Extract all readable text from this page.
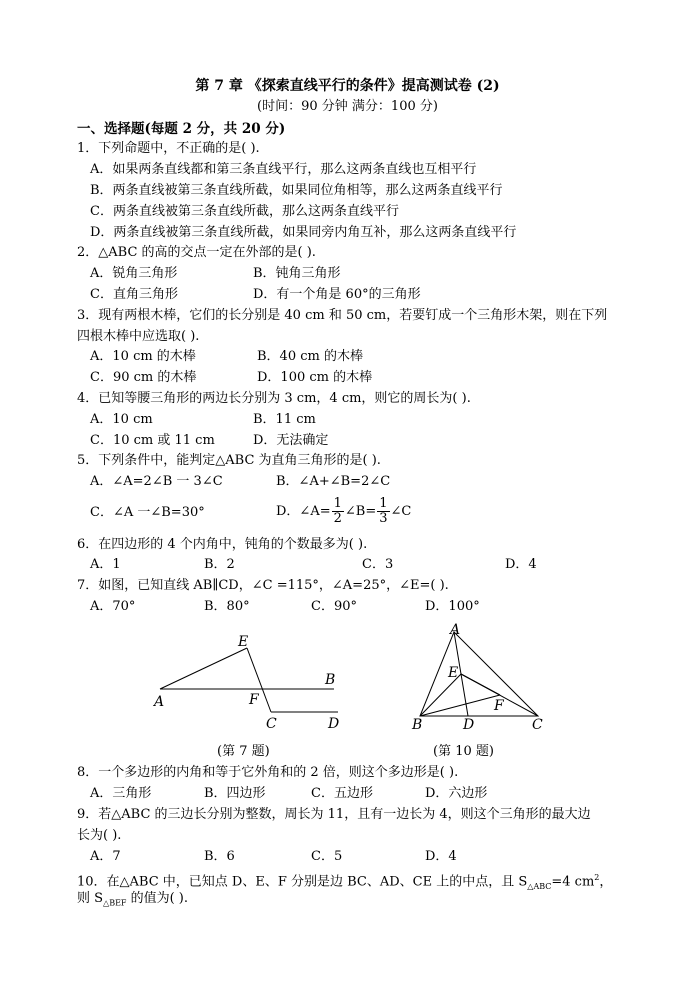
第 7 章 《探索直线平行的条件》提高测试卷 (2)
(时间：90 分钟 满分：100 分)
一、选择题(每题 2 分，共 20 分)
1．下列命题中，不正确的是( ).
A．如果两条直线都和第三条直线平行，那么这两条直线也互相平行
B．两条直线被第三条直线所截，如果同位角相等，那么这两条直线平行
C．两条直线被第三条直线所截，那么这两条直线平行
D．两条直线被第三条直线所截，如果同旁内角互补，那么这两条直线平行
2．△ABC 的高的交点一定在外部的是( ).
A．锐角三角形	B．钝角三角形
C．直角三角形	D．有一个角是 60°的三角形
3．现有两根木棒，它们的长分别是 40 cm 和 50 cm，若要钉成一个三角形木架，则在下列
四根木棒中应选取( ).
A．10 cm 的木棒	B．40 cm 的木棒
C．90 cm 的木棒	D．100 cm 的木棒
4．已知等腰三角形的两边长分别为 3 cm，4 cm，则它的周长为( ).
A．10 cm	B．11 cm
C．10 cm 或 11 cm	D．无法确定
5．下列条件中，能判定△ABC 为直角三角形的是( ).
A．∠A=2∠B 一 3∠C	B．∠A+∠B=2∠C
C．∠A 一∠B=30°	D．∠A= $\frac{1}{2}$ ∠B= $\frac{1}{3}$ ∠C
6．在四边形的 4 个内角中，钝角的个数最多为( ).
A．1	B．2	C．3	D．4
7．如图，已知直线 AB∥CD，∠C =115°，∠A=25°，∠E=( ).
A．70°	B．80°	C．90°	D．100°
E
B
A	F
C	D
A
E
F
B	D	C
(第 7 题)	(第 10 题)
8．一个多边形的内角和等于它外角和的 2 倍，则这个多边形是( ).
A．三角形	B．四边形	C．五边形	D．六边形
9．若△ABC 的三边长分别为整数，周长为 11，且有一边长为 4，则这个三角形的最大边
长为( ).
A．7	B．6	C．5	D．4
10．在△ABC 中，已知点 D、E、F 分别是边 BC、AD、CE 上的中点，且 $S_{\triangle ABC}=4$ $cm^2$，
则 $S_{\triangle BEF}$ 的值为( ).
